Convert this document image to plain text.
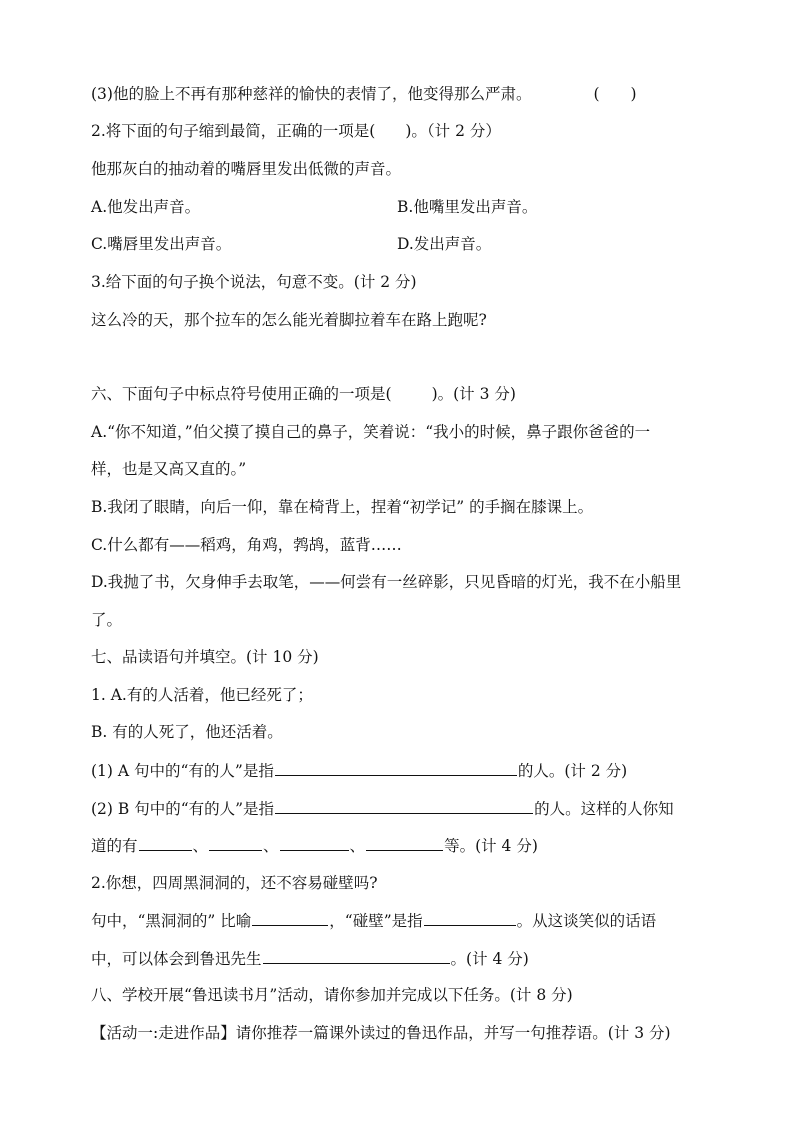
(3)他的脸上不再有那种慈祥的愉快的表情了，他变得那么严肃。	(　　)
2.将下面的句子缩到最简，正确的一项是( )。（计 2 分）
他那灰白的抽动着的嘴唇里发出低微的声音。
A.他发出声音。	B.他嘴里发出声音。
C.嘴唇里发出声音。	D.发出声音。
3.给下面的句子换个说法，句意不变。(计 2 分)
这么冷的天，那个拉车的怎么能光着脚拉着车在路上跑呢?
六、下面句子中标点符号使用正确的一项是(	)。(计 3 分)
A.“你不知道，”伯父摸了摸自己的鼻子，笑着说：“我小的时候，鼻子跟你爸爸的一
样，也是又高又直的。”
B.我闭了眼睛，向后一仰，靠在椅背上，捏着“初学记” 的手搁在膝课上。
C.什么都有——稻鸡，角鸡，鹁鸪，蓝背……
D.我抛了书，欠身伸手去取笔，——何尝有一丝碎影，只见昏暗的灯光，我不在小船里
了。
七、品读语句并填空。(计 10 分)
1. A.有的人活着，他已经死了；
B. 有的人死了，他还活着。
(1) A 句中的“有的人”是指	的人。(计 2 分)
(2) B 句中的“有的人”是指	的人。这样的人你知
道的有	、	、	、	等。(计 4 分)
2.你想，四周黑洞洞的，还不容易碰壁吗?
句中，“黑洞洞的” 比喻	，“碰壁”是指	。从这谈笑似的话语
中，可以体会到鲁迅先生	。(计 4 分)
八、学校开展“鲁迅读书月”活动，请你参加并完成以下任务。(计 8 分)
【活动一:走进作品】请你推荐一篇课外读过的鲁迅作品，并写一句推荐语。(计 3 分)
